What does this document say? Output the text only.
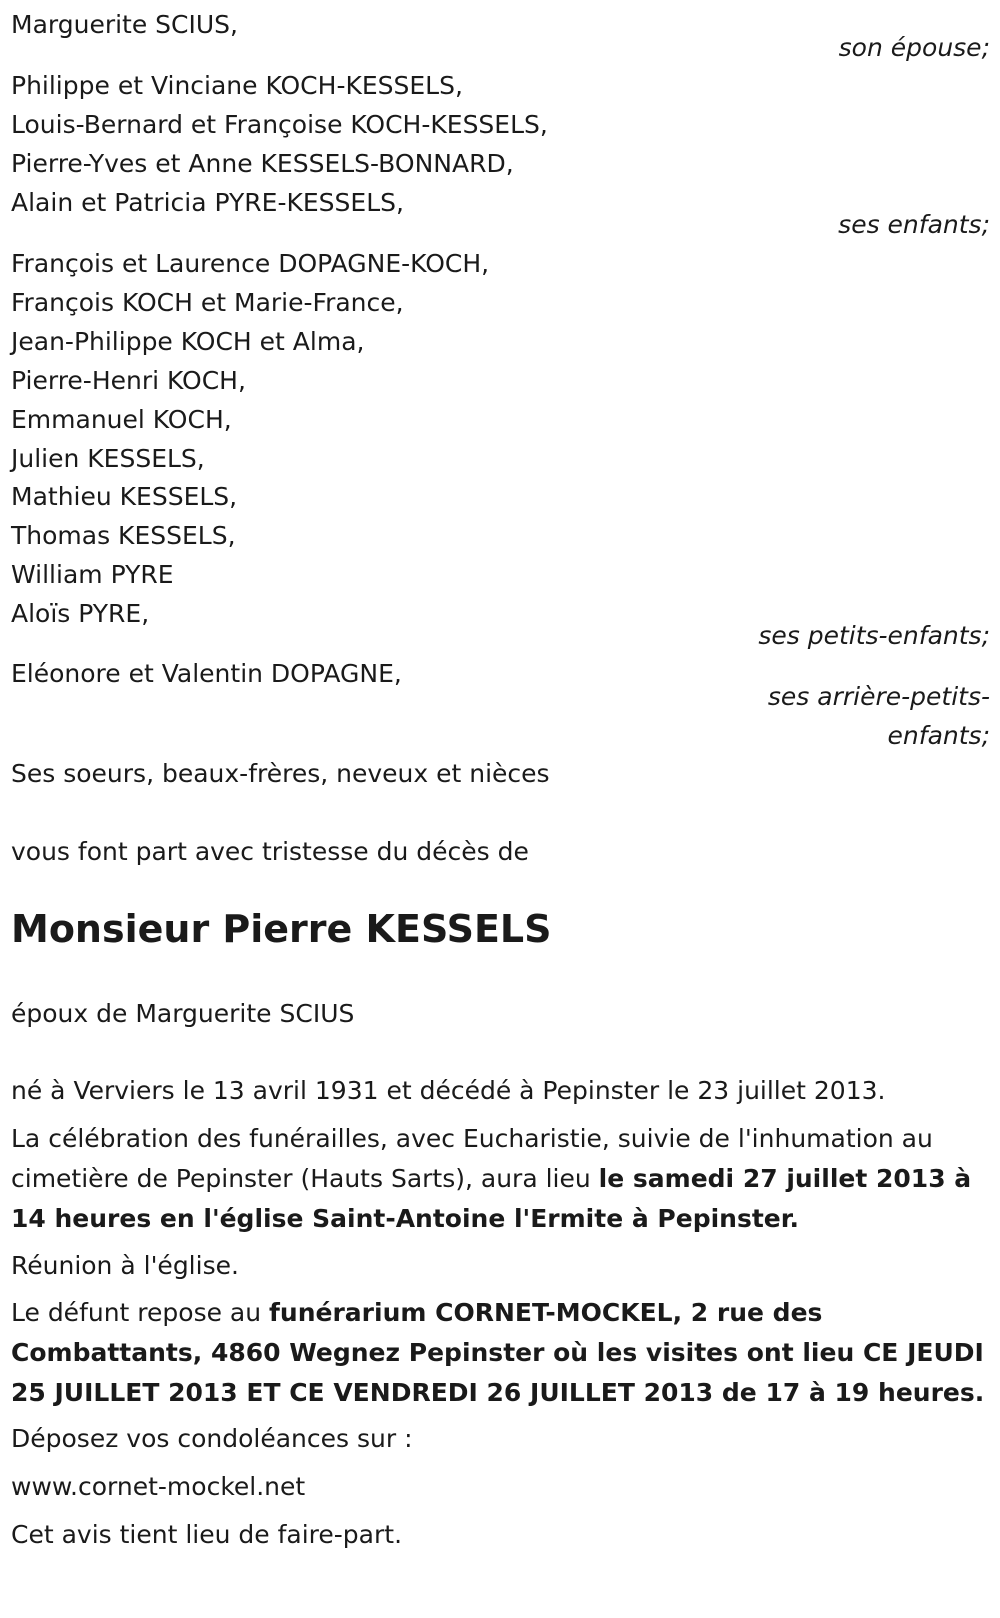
Marguerite SCIUS,
son épouse;
Philippe et Vinciane KOCH-KESSELS,
Louis-Bernard et Françoise KOCH-KESSELS,
Pierre-Yves et Anne KESSELS-BONNARD,
Alain et Patricia PYRE-KESSELS,
ses enfants;
François et Laurence DOPAGNE-KOCH,
François KOCH et Marie-France,
Jean-Philippe KOCH et Alma,
Pierre-Henri KOCH,
Emmanuel KOCH,
Julien KESSELS,
Mathieu KESSELS,
Thomas KESSELS,
William PYRE
Aloïs PYRE,
ses petits-enfants;
Eléonore et Valentin DOPAGNE,
ses arrière-petits-
enfants;
Ses soeurs, beaux-frères, neveux et nièces
vous font part avec tristesse du décès de
Monsieur Pierre KESSELS
époux de Marguerite SCIUS
né à Verviers le 13 avril 1931 et décédé à Pepinster le 23 juillet 2013.
La célébration des funérailles, avec Eucharistie, suivie de l'inhumation au cimetière de Pepinster (Hauts Sarts), aura lieu le samedi 27 juillet 2013 à 14 heures en l'église Saint-Antoine l'Ermite à Pepinster.
Réunion à l'église.
Le défunt repose au funérarium CORNET-MOCKEL, 2 rue des Combattants, 4860 Wegnez Pepinster où les visites ont lieu CE JEUDI 25 JUILLET 2013 ET CE VENDREDI 26 JUILLET 2013 de 17 à 19 heures.
Déposez vos condoléances sur :
www.cornet-mockel.net
Cet avis tient lieu de faire-part.
